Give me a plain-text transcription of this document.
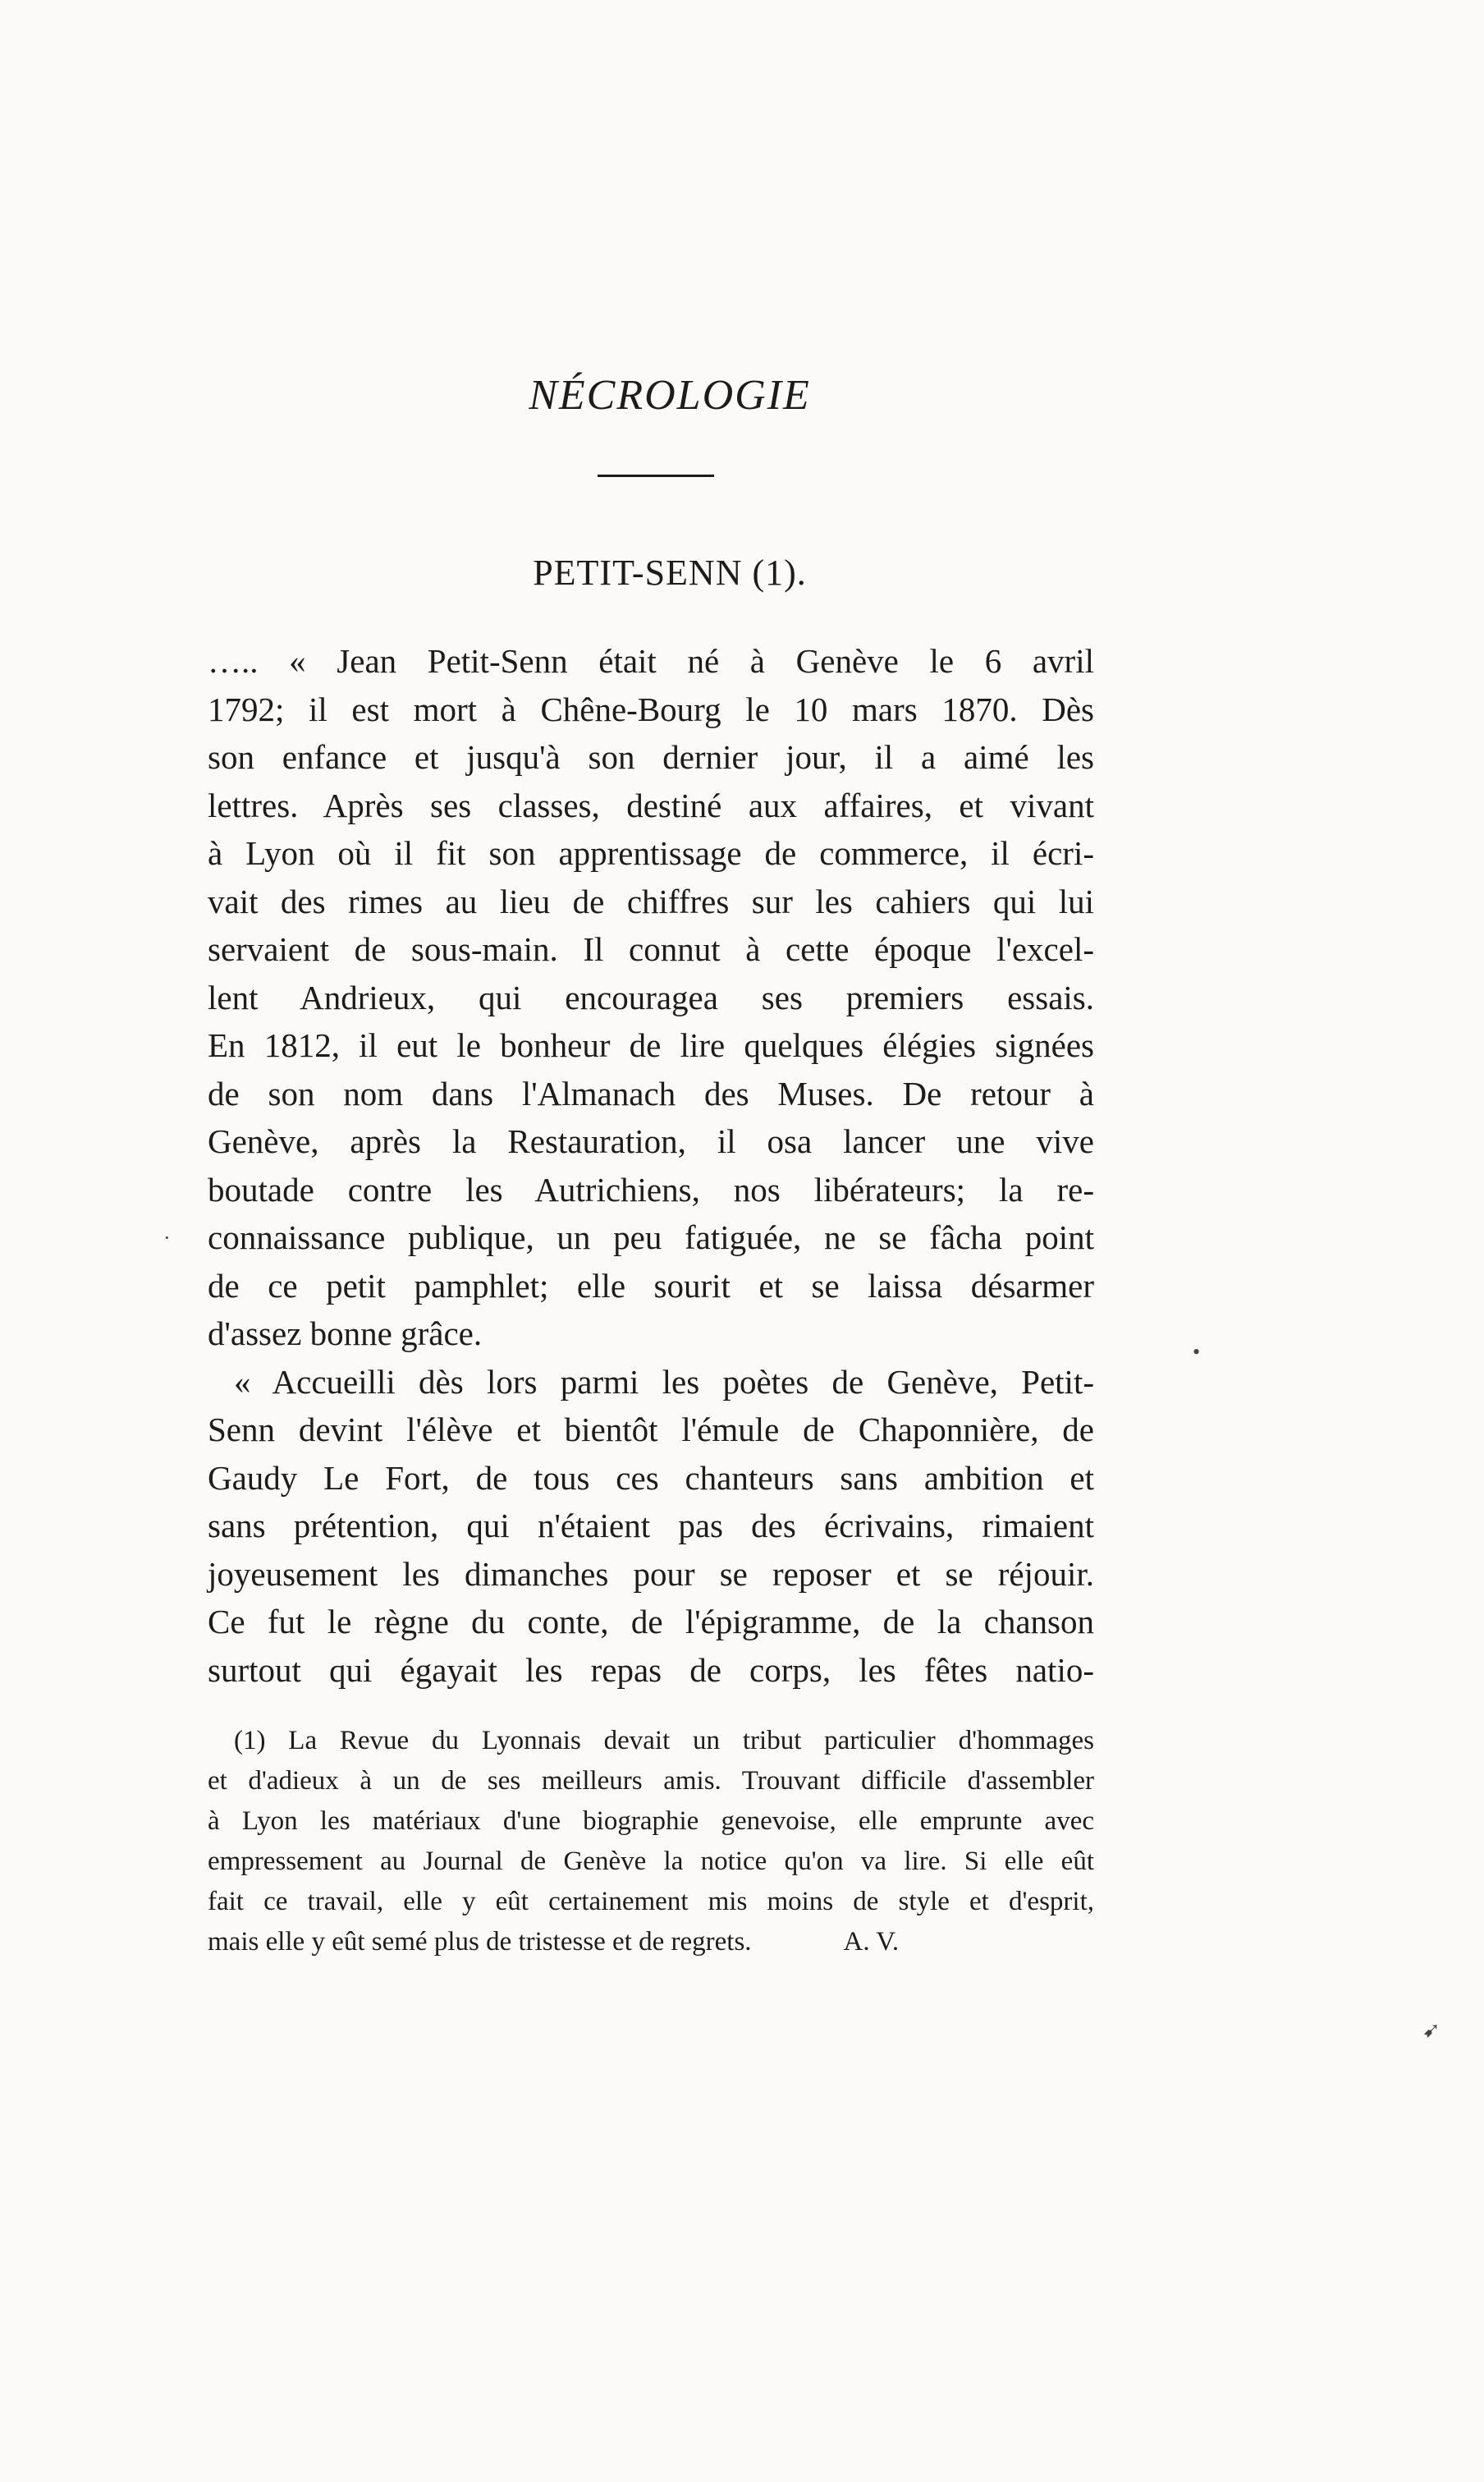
NÉCROLOGIE
PETIT-SENN (1).
….. « Jean Petit-Senn était né à Genève le 6 avril
1792; il est mort à Chêne-Bourg le 10 mars 1870. Dès
son enfance et jusqu'à son dernier jour, il a aimé les
lettres. Après ses classes, destiné aux affaires, et vivant
à Lyon où il fit son apprentissage de commerce, il écri-
vait des rimes au lieu de chiffres sur les cahiers qui lui
servaient de sous-main. Il connut à cette époque l'excel-
lent Andrieux, qui encouragea ses premiers essais.
En 1812, il eut le bonheur de lire quelques élégies signées
de son nom dans l'Almanach des Muses. De retour à
Genève, après la Restauration, il osa lancer une vive
boutade contre les Autrichiens, nos libérateurs; la re-
connaissance publique, un peu fatiguée, ne se fâcha point
de ce petit pamphlet; elle sourit et se laissa désarmer
d'assez bonne grâce.
« Accueilli dès lors parmi les poètes de Genève, Petit-
Senn devint l'élève et bientôt l'émule de Chaponnière, de
Gaudy Le Fort, de tous ces chanteurs sans ambition et
sans prétention, qui n'étaient pas des écrivains, rimaient
joyeusement les dimanches pour se reposer et se réjouir.
Ce fut le règne du conte, de l'épigramme, de la chanson
surtout qui égayait les repas de corps, les fêtes natio-
(1) La Revue du Lyonnais devait un tribut particulier d'hommages
et d'adieux à un de ses meilleurs amis. Trouvant difficile d'assembler
à Lyon les matériaux d'une biographie genevoise, elle emprunte avec
empressement au Journal de Genève la notice qu'on va lire. Si elle eût
fait ce travail, elle y eût certainement mis moins de style et d'esprit,
mais elle y eût semé plus de tristesse et de regrets.	A. V.
•
➹
·
